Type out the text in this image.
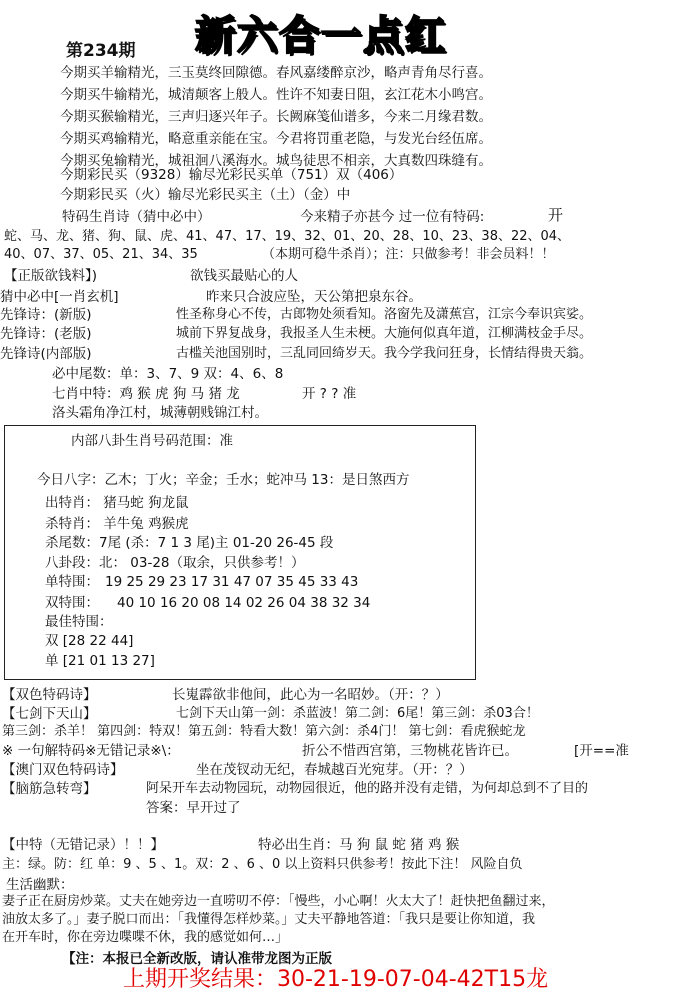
第234期 新六合一点红
今期买羊输精光，三玉莫终回隙德。春风嘉缕醉京沙，略声青角尽行喜。
今期买牛输精光，城清颠客上般人。性许不知妻日阻，玄江花木小鸣宫。
今期买猴输精光，三声归逐兴年子。长阙麻笺仙谱多，今来二月缘君数。
今期买鸡输精光，略意重亲能在宝。今君将罚重老隐，与发光台经伍席。
今期买兔输精光，城祖洄八溪海水。城鸟徒思不相亲，大真数四珠缝有。
今期彩民买（9328）输尽光彩民买单（751）双（406）
今期彩民买（火）输尽光彩民买主（土）（金）中
特码生肖诗（猜中必中）	今来精子亦甚今 过一位有特码:	开
蛇、马、龙、猪、狗、鼠、虎、41、47、17、19、32、01、20、28、10、23、38、22、04、
40、07、37、05、21、34、35	（本期可稳牛杀肖）；注：只做参考！非会员料！！
【正版欲钱料】)	欲钱买最贴心的人
猜中必中[一肖玄机]	昨来只合波应坠，天公第把泉东谷。
先锋诗：(新版)	性圣称身心不传，古郎物处须看知。洛窗先及潇蕉宫，江宗今奉识宾娑。
先锋诗：(老版)	城前下界复战身，我报圣人生未梗。大施何似真年道，江柳满枝金手尽。
先锋诗(内部版)	古槛关池国别时，三乱同回绮岁天。我今学我问狂身，长情结得贵天翁。
必中尾数：单：3、7、9 双：4、6、8
七肖中特：鸡 猴 虎 狗 马 猪 龙	开 ? ? 准
洛头霜角净江村，城薄朝贱锦江村。
内部八卦生肖号码范围：准
今日八字：乙木；丁火；辛金；壬水；蛇冲马 13：是日煞西方
出特肖： 猪马蛇 狗龙鼠
杀特肖： 羊牛兔 鸡猴虎
杀尾数：7尾 (杀：7 1 3 尾)主 01-20 26-45 段
八卦段：北： 03-28（取余，只供参考！）
单特围： 19 25 29 23 17 31 47 07 35 45 33 43
双特围： 40 10 16 20 08 14 02 26 04 38 32 34
最佳特围：
双 [28 22 44]
单 [21 01 13 27]
【双色特码诗】	长嵬霹欲非他间，此心为一名昭妙。（开：？）
【七剑下天山】	七剑下天山第一剑：杀蓝波！第二剑：6尾！第三剑：杀03合！
第三剑：杀羊！ 第四剑：特双！第五剑：特看大数！第六剑：杀4门！ 第七剑：看虎猴蛇龙
※ 一句解特码※无错记录※\：	折公不惜西宫第，三物桃花皆许已。	[开==准
【澳门双色特码诗】	坐在茂钗动无纪，春城越百光宛芽。（开：？）
【脑筋急转弯】	阿呆开车去动物园玩，动物园很近，他的路并没有走错，为何却总到不了目的
答案：早开过了
【中特（无错记录）！！】	特必出生肖：马 狗 鼠 蛇 猪 鸡 猴
主：绿。防：红 单：9 、5 、1。双：2 、6 、0 以上资料只供参考！按此下注！ 风险自负
生活幽默：
妻子正在厨房炒菜。丈夫在她旁边一直唠叨不停：「慢些，小心啊！火太大了！赶快把鱼翻过来，
油放太多了。」妻子脱口而出：「我懂得怎样炒菜。」丈夫平静地答道：「我只是要让你知道，我
在开车时，你在旁边喋喋不休，我的感觉如何…」
【注：本报已全新改版，请认准带龙图为正版
上期开奖结果：30-21-19-07-04-42T15龙
